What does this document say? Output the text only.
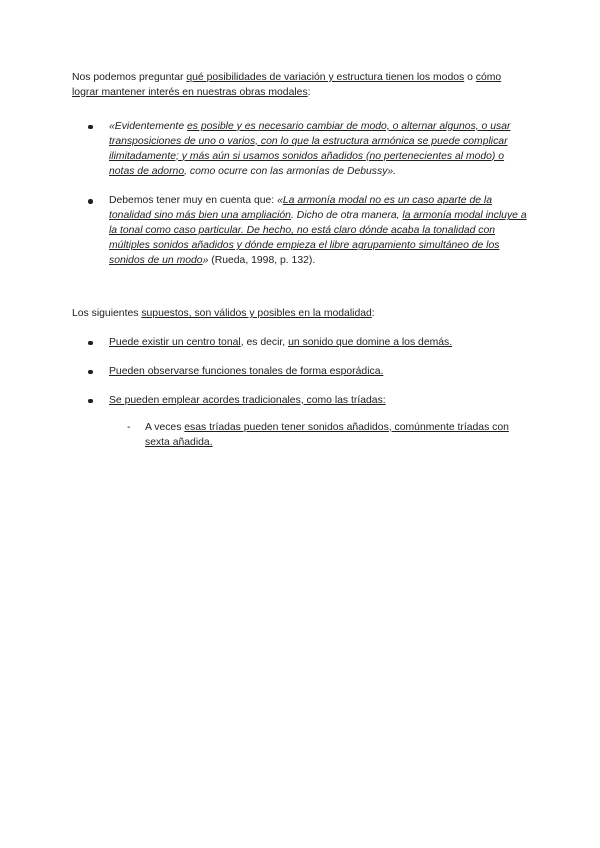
Nos podemos preguntar qué posibilidades de variación y estructura tienen los modos o cómo lograr mantener interés en nuestras obras modales:

«Evidentemente es posible y es necesario cambiar de modo, o alternar algunos, o usar transposiciones de uno o varios, con lo que la estructura armónica se puede complicar ilimitadamente; y más aún si usamos sonidos añadidos (no pertenecientes al modo) o notas de adorno, como ocurre con las armonías de Debussy».
Debemos tener muy en cuenta que: «La armonía modal no es un caso aparte de la tonalidad sino más bien una ampliación. Dicho de otra manera, la armonía modal incluye a la tonal como caso particular. De hecho, no está claro dónde acaba la tonalidad con múltiples sonidos añadidos y dónde empieza el libre agrupamiento simultáneo de los sonidos de un modo» (Rueda, 1998, p. 132).

Los siguientes supuestos, son válidos y posibles en la modalidad:

Puede existir un centro tonal, es decir, un sonido que domine a los demás.
Pueden observarse funciones tonales de forma esporádica.
Se pueden emplear acordes tradicionales, como las tríadas:

- A veces esas tríadas pueden tener sonidos añadidos, comúnmente tríadas con sexta añadida.
